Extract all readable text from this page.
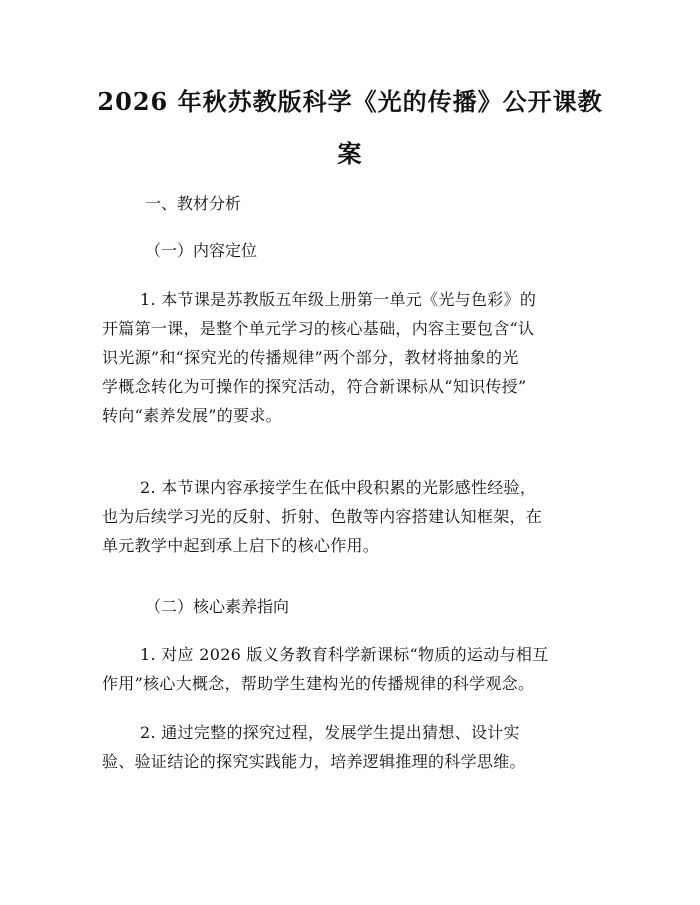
2026 年秋苏教版科学《光的传播》公开课教
案
一、教材分析
（一）内容定位
1. 本节课是苏教版五年级上册第一单元《光与色彩》的
开篇第一课，是整个单元学习的核心基础，内容主要包含“认
识光源”和“探究光的传播规律”两个部分，教材将抽象的光
学概念转化为可操作的探究活动，符合新课标从“知识传授”
转向“素养发展”的要求。
2. 本节课内容承接学生在低中段积累的光影感性经验，
也为后续学习光的反射、折射、色散等内容搭建认知框架，在
单元教学中起到承上启下的核心作用。
（二）核心素养指向
1. 对应 2026 版义务教育科学新课标“物质的运动与相互
作用”核心大概念，帮助学生建构光的传播规律的科学观念。
2. 通过完整的探究过程，发展学生提出猜想、设计实
验、验证结论的探究实践能力，培养逻辑推理的科学思维。
